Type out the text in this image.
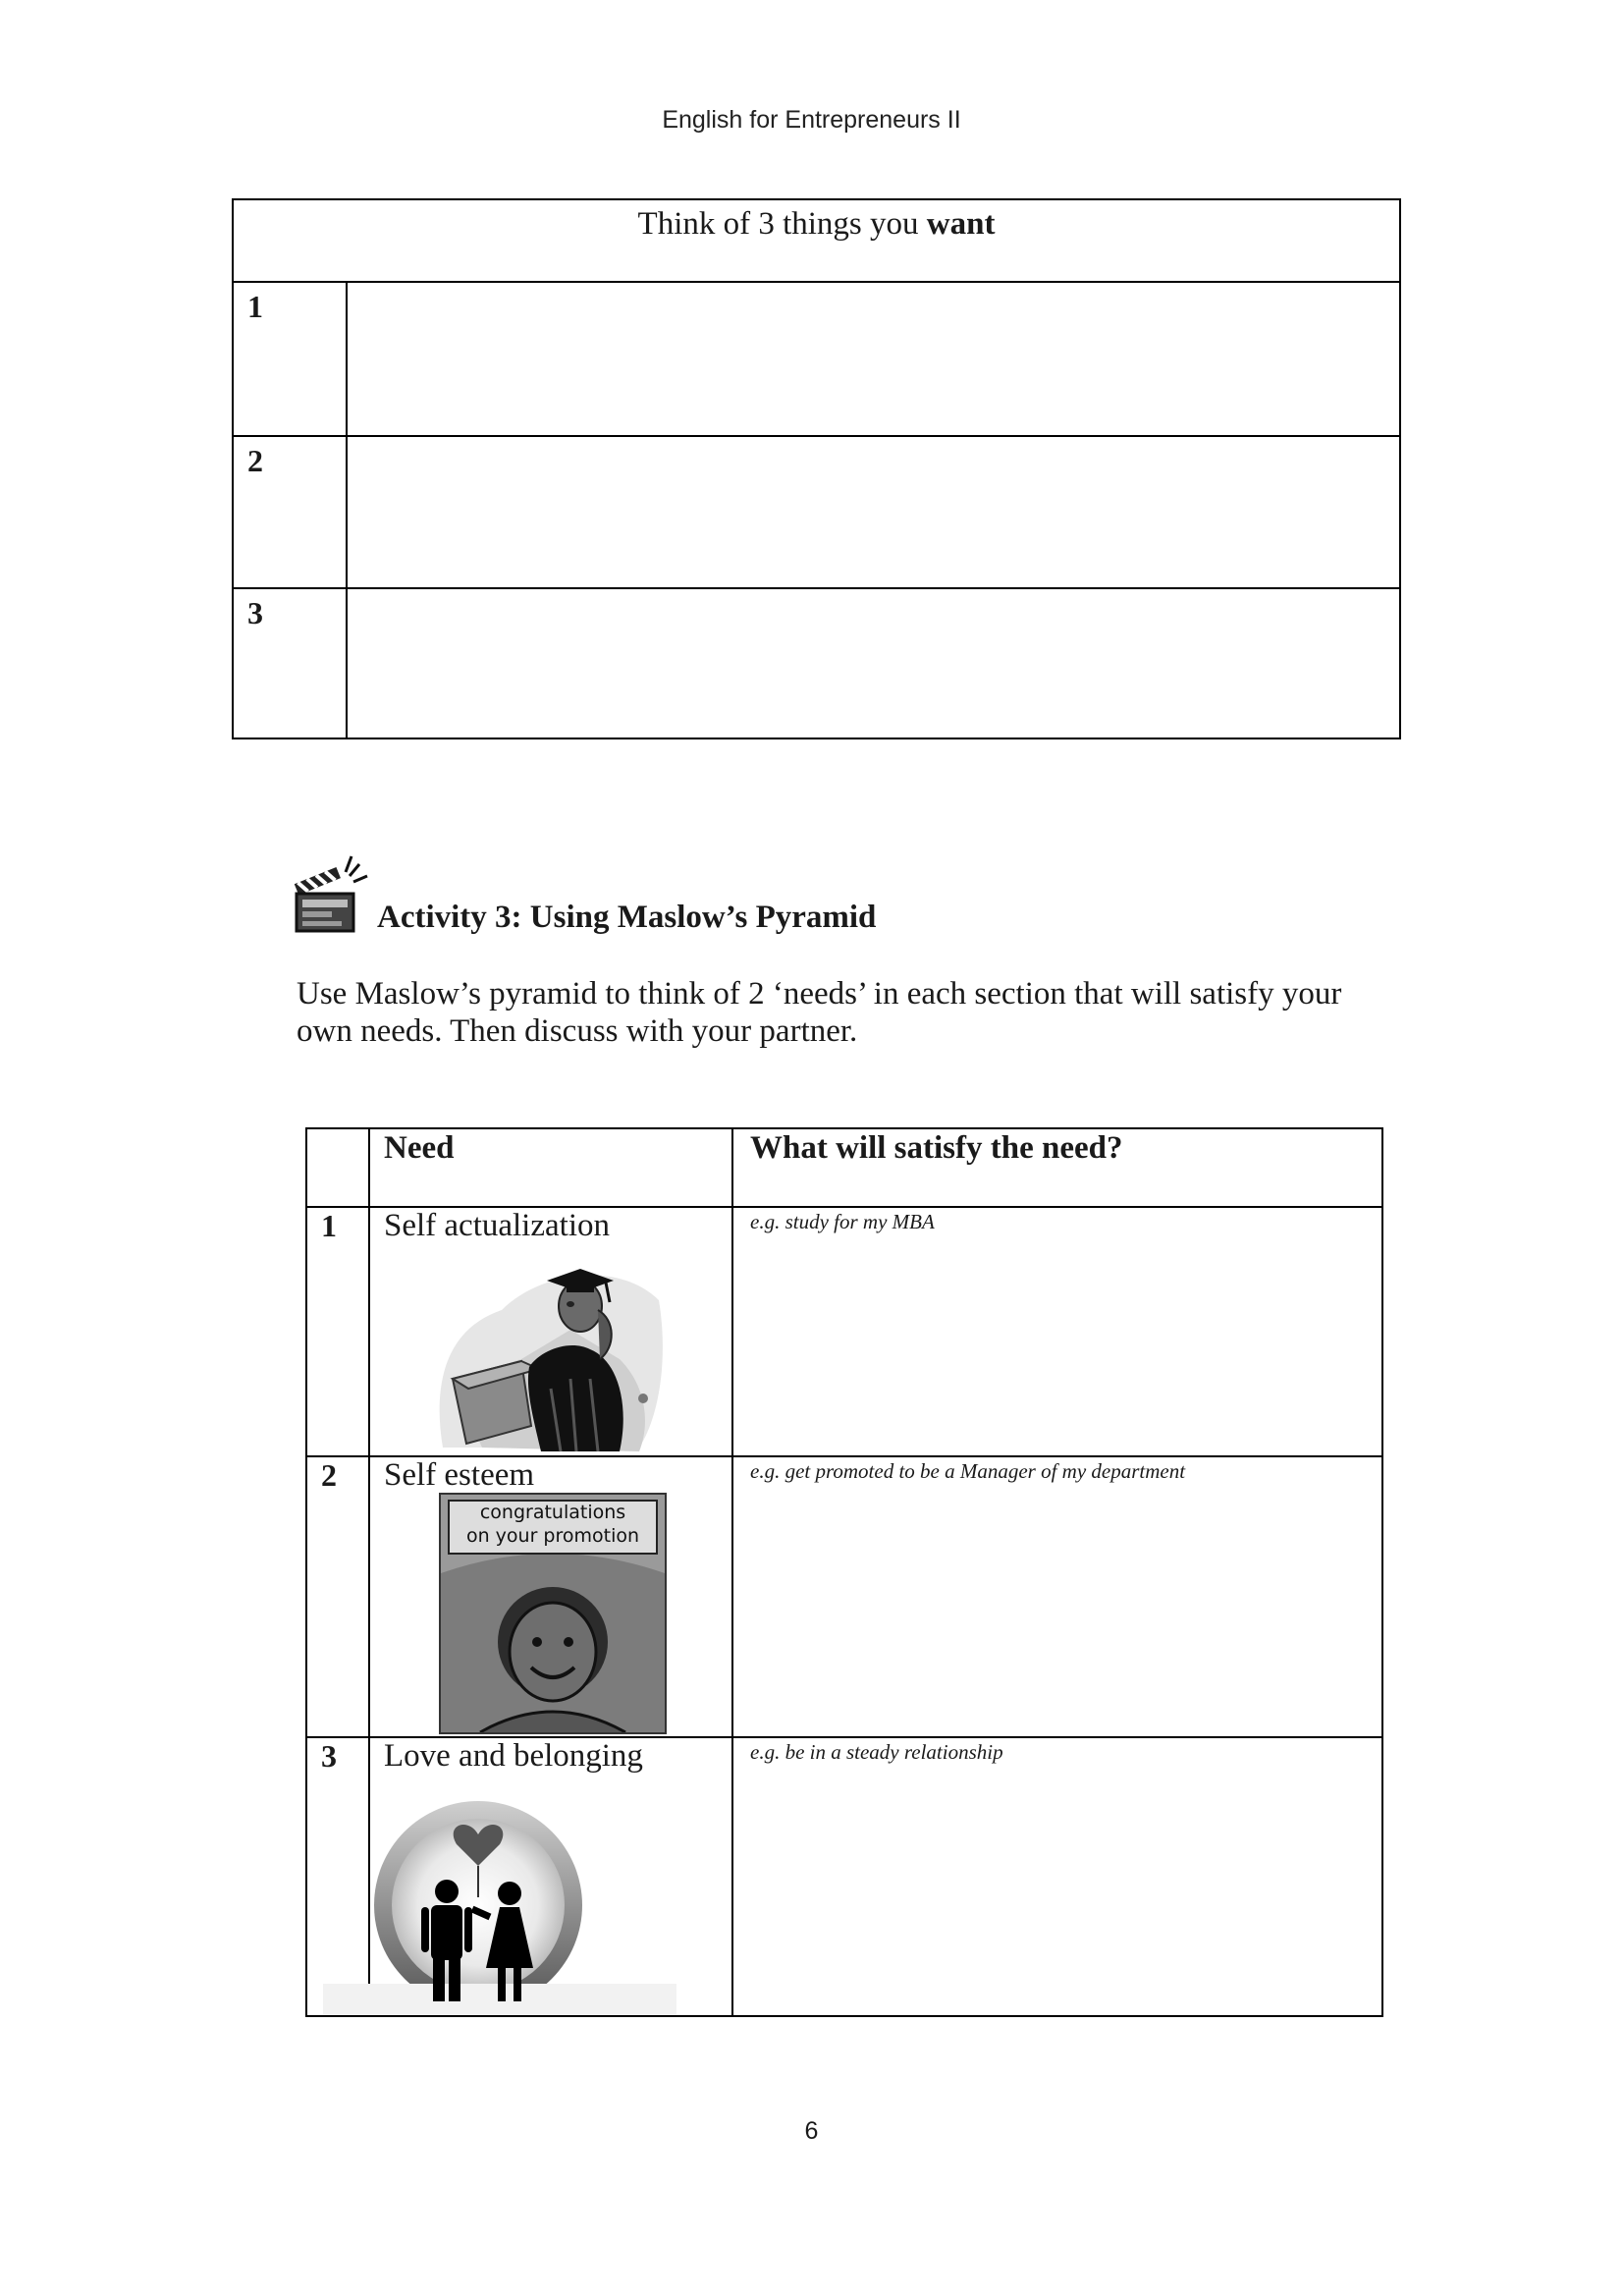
English for Entrepreneurs II
Think of 3 things you want
1
2
3
Activity 3: Using Maslow’s Pyramid
Use Maslow’s pyramid to think of 2 ‘needs’ in each section that will satisfy your own needs. Then discuss with your partner.
Need	What will satisfy the need?
1 Self actualization	e.g. study for my MBA
2 Self esteem	e.g. get promoted to be a Manager of my department
congratulations
on your promotion
3 Love and belonging	e.g. be in a steady relationship
6
